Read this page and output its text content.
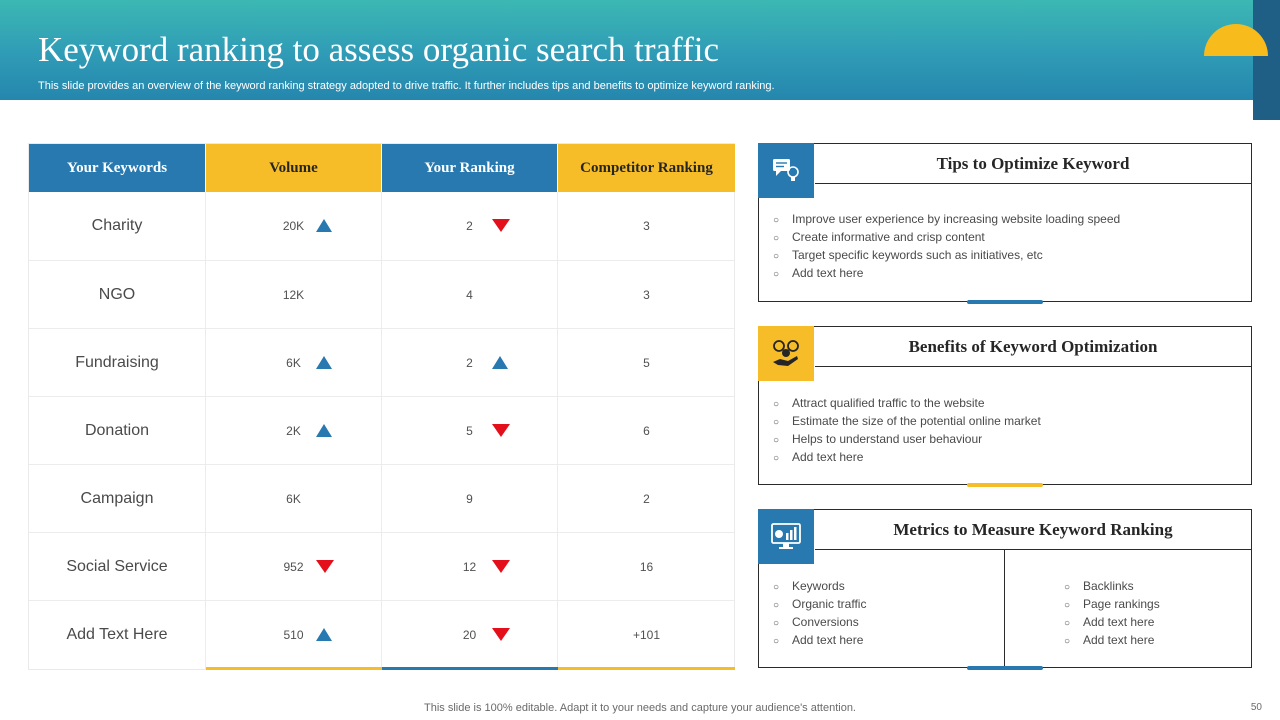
Keyword ranking to assess organic search traffic
This slide provides an overview of the keyword ranking strategy adopted to drive traffic. It further includes tips and benefits to optimize keyword ranking.
Your Keywords	Volume	Your Ranking	Competitor Ranking
Charity	20K	2	3
NGO	12K	4	3
Fundraising	6K	2	5
Donation	2K	5	6
Campaign	6K	9	2
Social Service	952	12	16
Add Text Here	510	20	+101
Tips to Optimize Keyword
○ Improve user experience by increasing website loading speed
○ Create informative and crisp content
○ Target specific keywords such as initiatives, etc
○ Add text here
Benefits of Keyword Optimization
○ Attract qualified traffic to the website
○ Estimate the size of the potential online market
○ Helps to understand user behaviour
○ Add text here
Metrics to Measure Keyword Ranking
○ Keywords
○ Organic traffic
○ Conversions
○ Add text here
○ Backlinks
○ Page rankings
○ Add text here
○ Add text here
This slide is 100% editable. Adapt it to your needs and capture your audience's attention.	50
